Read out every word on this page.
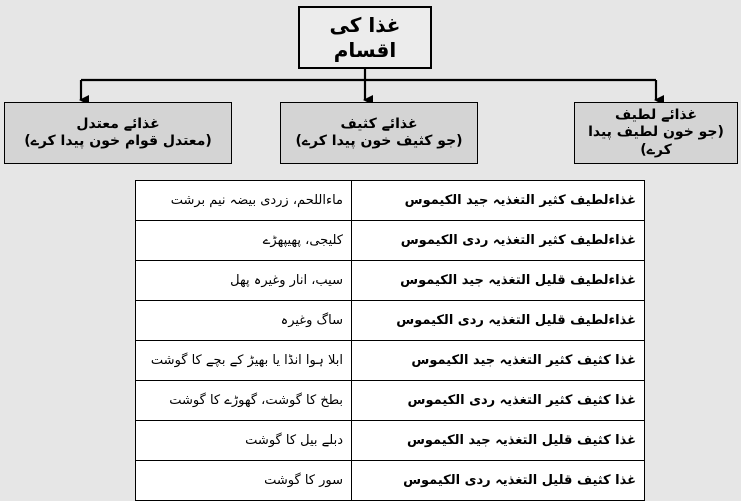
غذا کی اقسام
غذائے لطیف
(جو خون لطیف پیدا کرے)
غذائے کثیف
(جو کثیف خون پیدا کرے)
غذائے معتدل
(معتدل قوام خون پیدا کرے)
غذاءلطیف کثیر التغذیہ جید الکیموس	ماءاللحم، زردی بیضہ نیم برشت
غذاءلطیف کثیر التغذیہ ردی الکیموس	کلیجی، پھیپھڑے
غذاءلطیف قلیل التغذیہ جید الکیموس	سیب، انار وغیرہ پھل
غذاءلطیف قلیل التغذیہ ردی الکیموس	ساگ وغیرہ
غذا کثیف کثیر التغذیہ جید الکیموس	ابلا ہوا انڈا یا بھیڑ کے بچے کا گوشت
غذا کثیف کثیر التغذیہ ردی الکیموس	بطخ کا گوشت، گھوڑے کا گوشت
غذا کثیف قلیل التغذیہ جید الکیموس	دبلے بیل کا گوشت
غذا کثیف قلیل التغذیہ ردی الکیموس	سور کا گوشت
